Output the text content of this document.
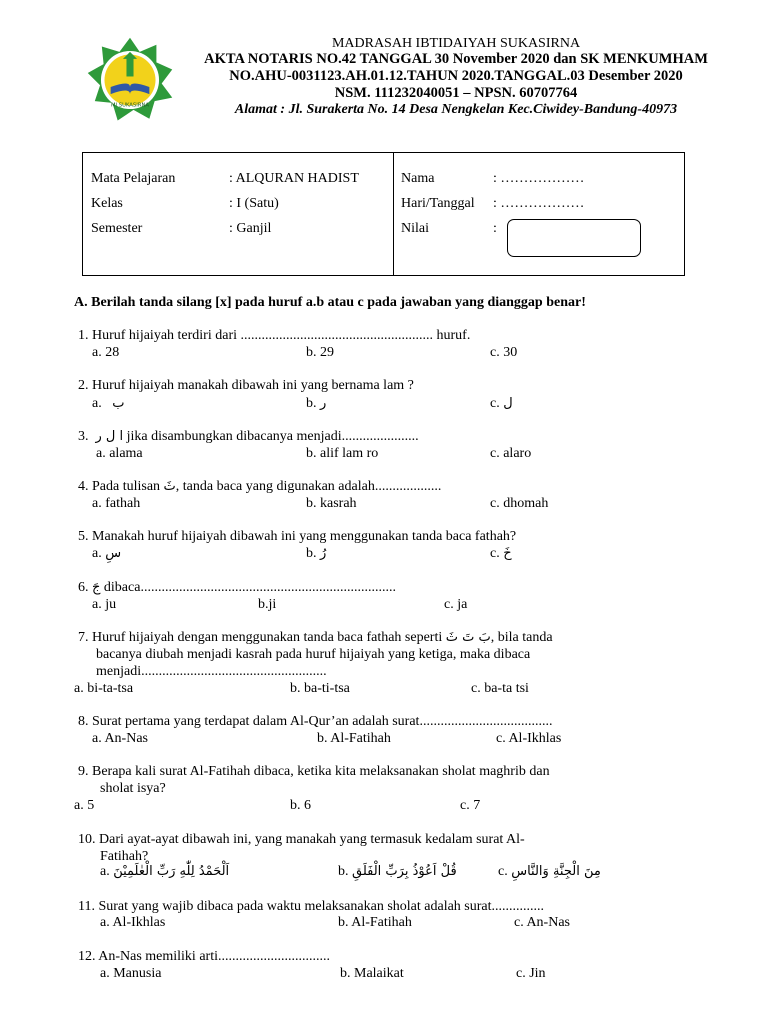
MI SUKASIRNA
MADRASAH IBTIDAIYAH SUKASIRNA
AKTA NOTARIS NO.42 TANGGAL 30 November 2020 dan SK MENKUMHAM
NO.AHU-0031123.AH.01.12.TAHUN 2020.TANGGAL.03 Desember 2020
NSM. 111232040051 – NPSN. 60707764
Alamat : Jl. Surakerta No. 14 Desa Nengkelan Kec.Ciwidey-Bandung-40973
Mata Pelajaran	: ALQURAN HADIST
Kelas	: I (Satu)
Semester	: Ganjil
Nama	: ………………
Hari/Tanggal : ………………
Nilai	:
A. Berilah tanda silang [x] pada huruf a.b atau c pada jawaban yang dianggap benar!
1. Huruf hijaiyah terdiri dari ....................................................... huruf.
a. 28	b. 29	c. 30
2. Huruf hijaiyah manakah dibawah ini yang bernama lam ?
a. ب	b. ر	c. ل
3. ا ل ر jika disambungkan dibacanya menjadi......................
a. alama	b. alif lam ro	c. alaro
4. Pada tulisan ثَ, tanda baca yang digunakan adalah...................
a. fathah	b. kasrah	c. dhomah
5. Manakah huruf hijaiyah dibawah ini yang menggunakan tanda baca fathah?
a. سِ	b. رُ	c. خَ
6. جَ dibaca.........................................................................
a. ju	b.ji	c. ja
7. Huruf hijaiyah dengan menggunakan tanda baca fathah seperti بَ تَ ثَ, bila tanda
bacanya diubah menjadi kasrah pada huruf hijaiyah yang ketiga, maka dibaca
menjadi.....................................................
a. bi-ta-tsa	b. ba-ti-tsa	c. ba-ta tsi
8. Surat pertama yang terdapat dalam Al-Qur’an adalah surat......................................
a. An-Nas	b. Al-Fatihah	c. Al-Ikhlas
9. Berapa kali surat Al-Fatihah dibaca, ketika kita melaksanakan sholat maghrib dan
sholat isya?
a. 5	b. 6	c. 7
10. Dari ayat-ayat dibawah ini, yang manakah yang termasuk kedalam surat Al-
Fatihah?
a. اَلْحَمْدُ لِلّٰهِ رَبِّ الْعٰلَمِيْنَ	b. قُلْ اَعُوْذُ بِرَبِّ الْفَلَقِ	c. مِنَ الْجِنَّةِ وَالنَّاسِ
11. Surat yang wajib dibaca pada waktu melaksanakan sholat adalah surat...............
a. Al-Ikhlas	b. Al-Fatihah	c. An-Nas
12. An-Nas memiliki arti................................
a. Manusia	b. Malaikat	c. Jin
